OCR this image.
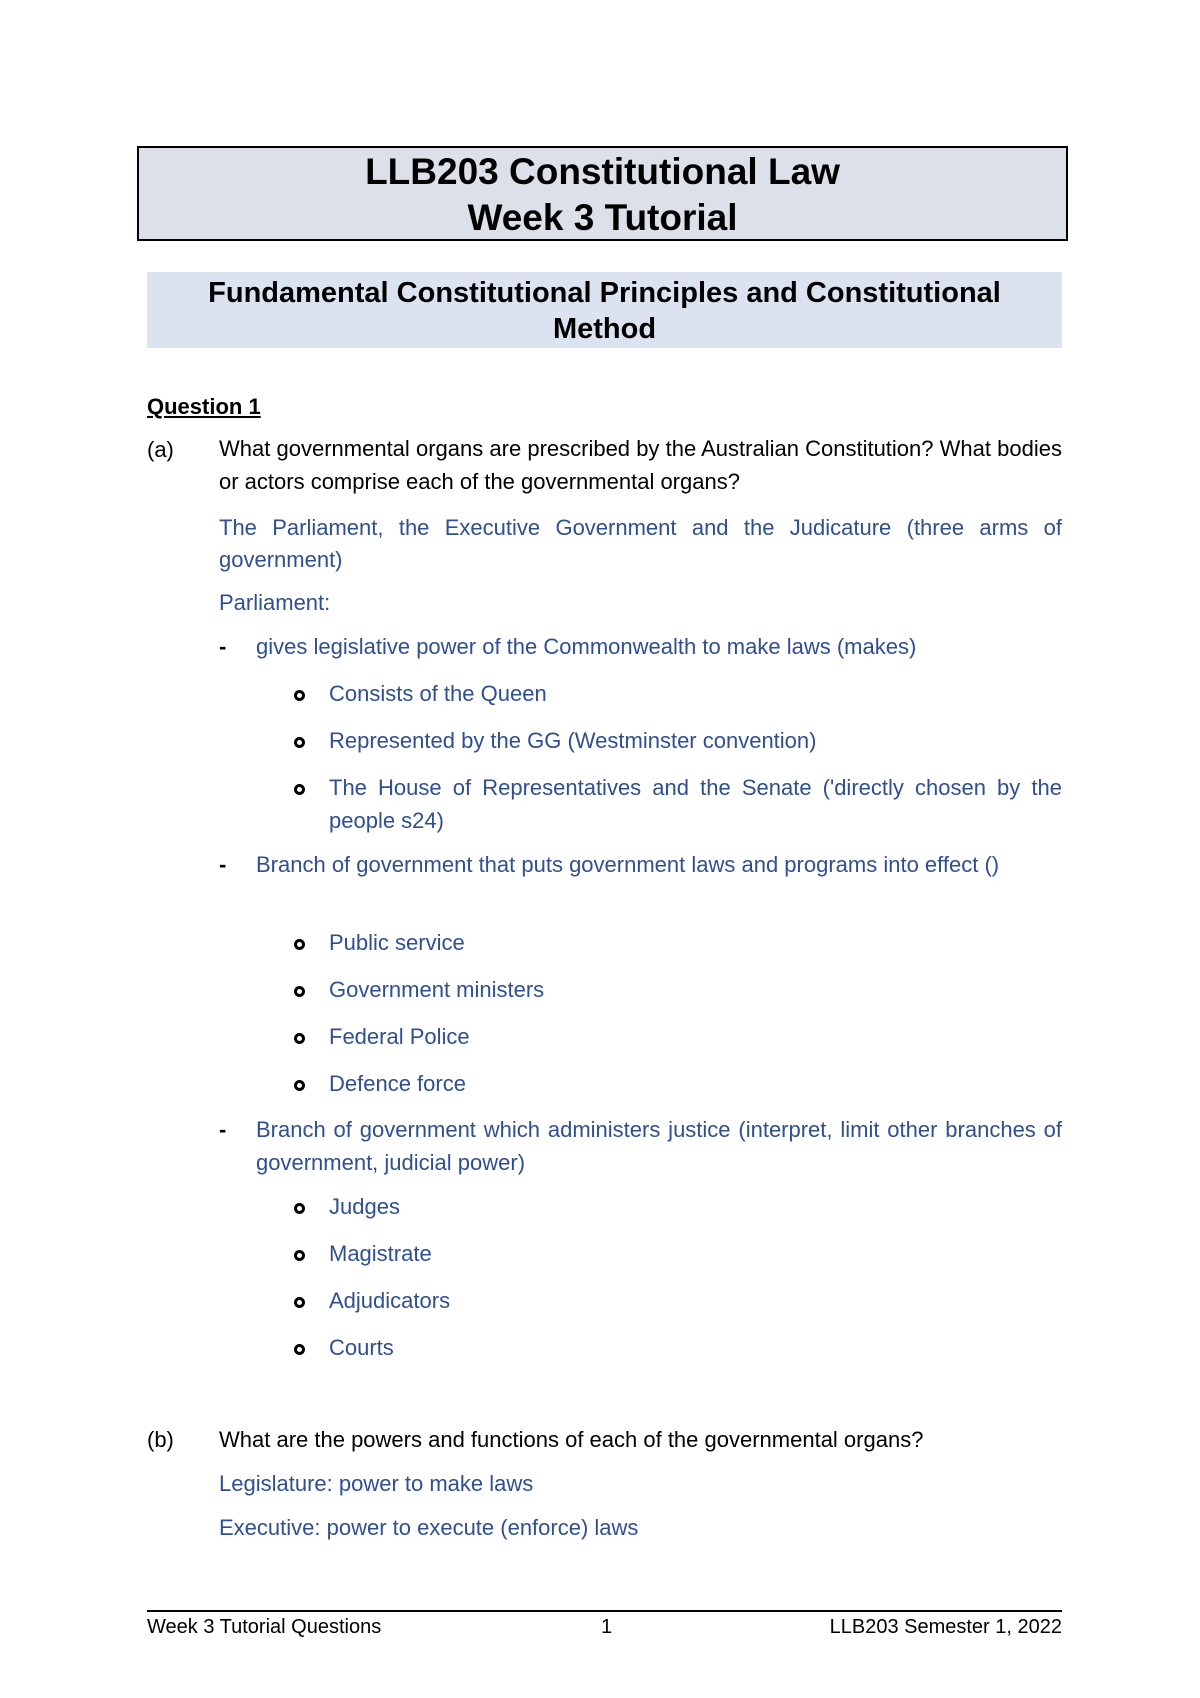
LLB203 Constitutional Law
Week 3 Tutorial
Fundamental Constitutional Principles and Constitutional
Method
Question 1
(a) What governmental organs are prescribed by the Australian Constitution? What bodies or actors comprise each of the governmental organs?
The Parliament, the Executive Government and the Judicature (three arms of government)
Parliament:
- gives legislative power of the Commonwealth to make laws (makes)
Consists of the Queen
Represented by the GG (Westminster convention)
The House of Representatives and the Senate ('directly chosen by the people s24)
- Branch of government that puts government laws and programs into effect ()
Public service
Government ministers
Federal Police
Defence force
- Branch of government which administers justice (interpret, limit other branches of government, judicial power)
Judges
Magistrate
Adjudicators
Courts
(b) What are the powers and functions of each of the governmental organs?
Legislature: power to make laws
Executive: power to execute (enforce) laws
Week 3 Tutorial Questions	1	LLB203 Semester 1, 2022
